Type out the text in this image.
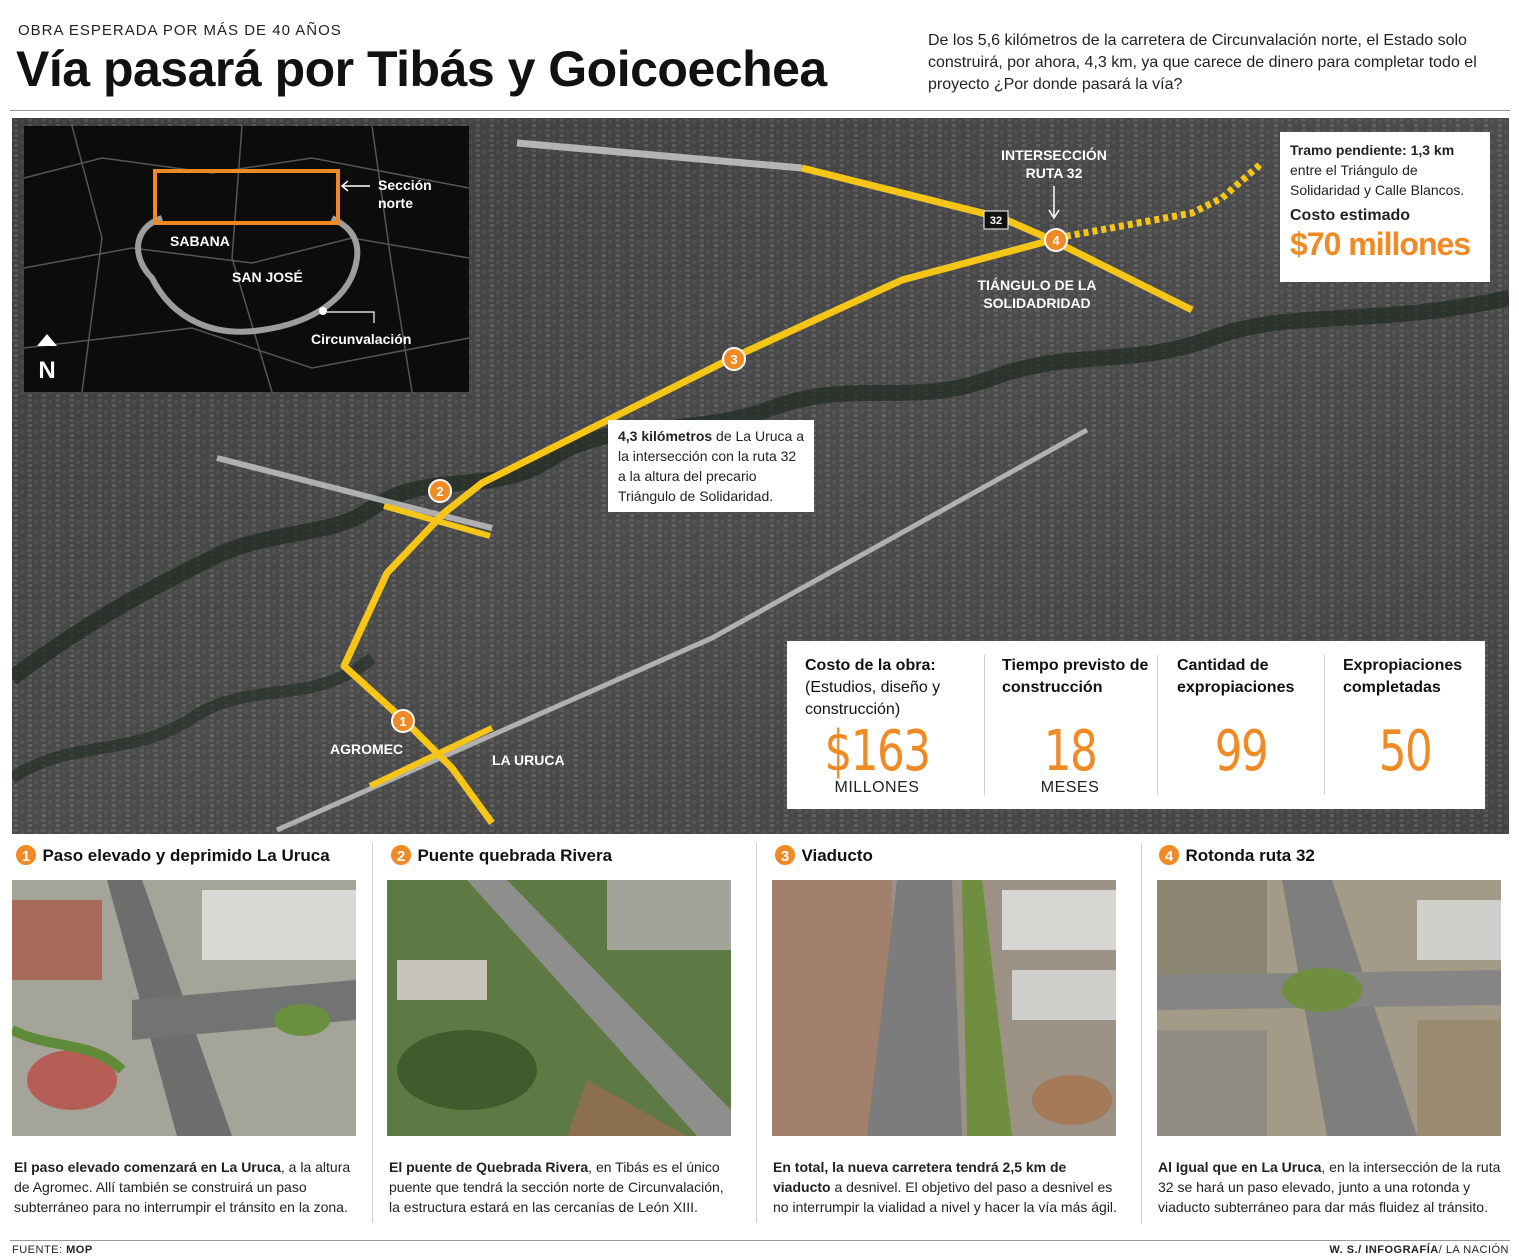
OBRA ESPERADA POR MÁS DE 40 AÑOS
Vía pasará por Tibás y Goicoechea
De los 5,6 kilómetros de la carretera de Circunvalación norte, el Estado solo construirá, por ahora, 4,3 km, ya que carece de dinero para completar todo el proyecto ¿Por donde pasará la vía?
32
INTERSECCIÓN
RUTA 32
TIÁNGULO DE LA
SOLIDADRIDAD
AGROMEC
LA URUCA
1
2
3
4
Sección
norte
SABANA
SAN JOSÉ
Circunvalación
N
Tramo pendiente: 1,3 km entre el Triángulo de Solidaridad y Calle Blancos.
Costo estimado
$70 millones
4,3 kilómetros de La Uruca a la intersección con la ruta 32 a la altura del precario Triángulo de Solidaridad.
Costo de la obra:
(Estudios, diseño y construcción)
$163
MILLONES
Tiempo previsto de construcción
18
MESES
Cantidad de expropiaciones
99
Expropiaciones completadas
50
1 Paso elevado y deprimido La Uruca
El paso elevado comenzará en La Uruca, a la altura de Agromec. Allí también se construirá un paso subterráneo para no interrumpir el tránsito en la zona.
2 Puente quebrada Rivera
El puente de Quebrada Rivera, en Tibás es el único puente que tendrá la sección norte de Circunvalación, la estructura estará en las cercanías de León XIII.
3 Viaducto
En total, la nueva carretera tendrá 2,5 km de viaducto a desnivel. El objetivo del paso a desnivel es no interrumpir la vialidad a nivel y hacer la vía más ágil.
4 Rotonda ruta 32
Al Igual que en La Uruca, en la intersección de la ruta 32 se hará un paso elevado, junto a una rotonda y viaducto subterráneo para dar más fluidez al tránsito.
FUENTE: MOP	W. S./ INFOGRAFÍA/ LA NACIÓN
